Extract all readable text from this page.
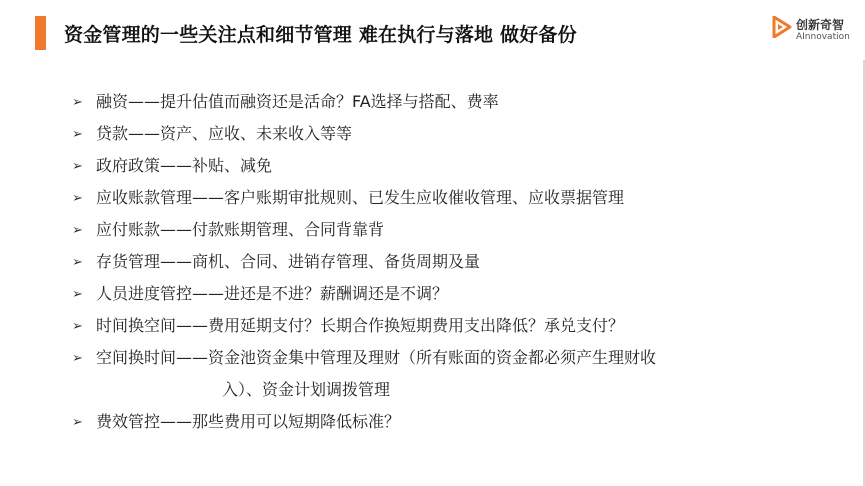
资金管理的一些关注点和细节管理 难在执行与落地 做好备份	创新奇智
AInnovation
➢ 融资——提升估值而融资还是活命？FA选择与搭配、费率
➢ 贷款——资产、应收、未来收入等等
➢ 政府政策——补贴、减免
➢ 应收账款管理——客户账期审批规则、已发生应收催收管理、应收票据管理
➢ 应付账款——付款账期管理、合同背靠背
➢ 存货管理——商机、合同、进销存管理、备货周期及量
➢ 人员进度管控——进还是不进？薪酬调还是不调？
➢ 时间换空间——费用延期支付？长期合作换短期费用支出降低？承兑支付？
➢ 空间换时间——资金池资金集中管理及理财（所有账面的资金都必须产生理财收
入）、资金计划调拨管理
➢ 费效管控——那些费用可以短期降低标准？
